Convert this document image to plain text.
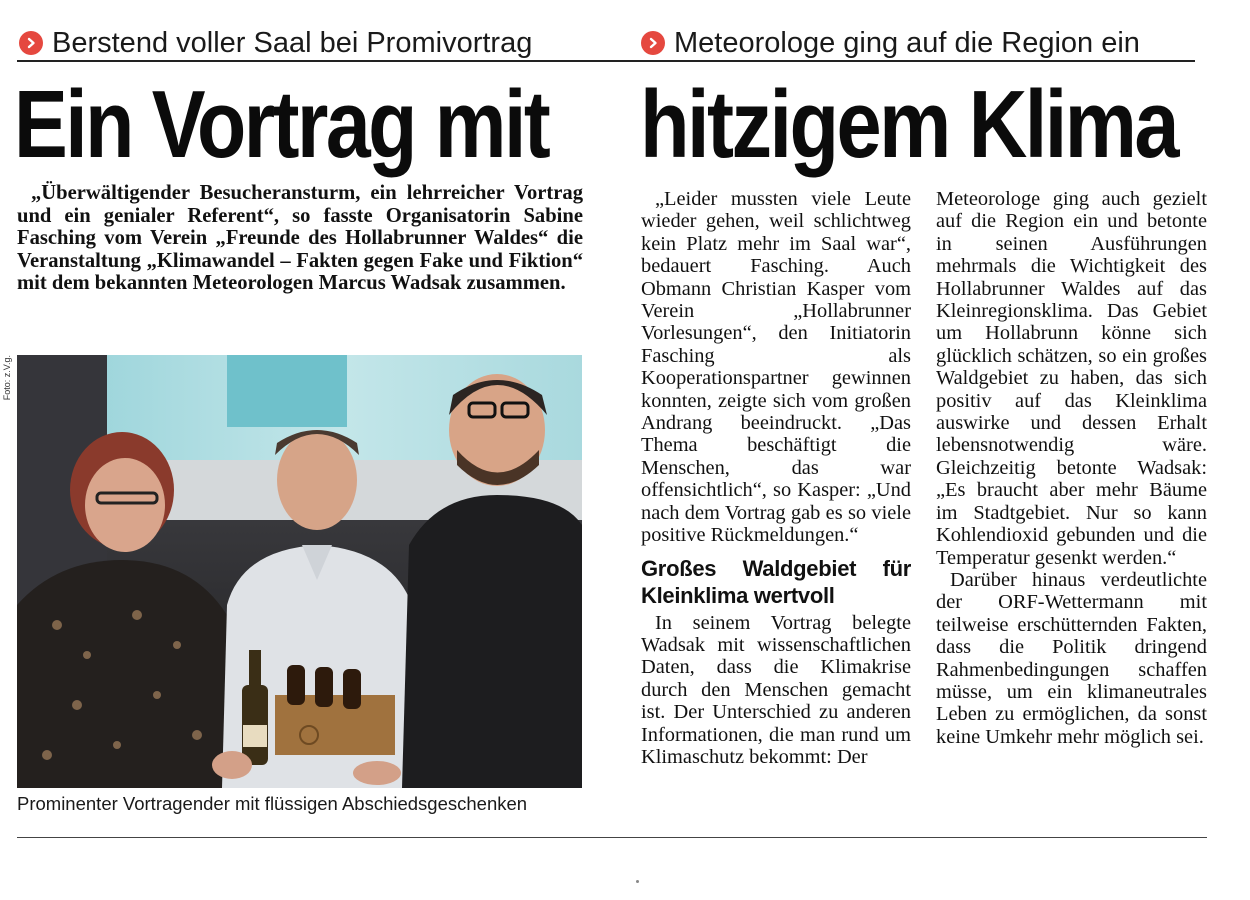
Berstend voller Saal bei Promivortrag
Ein Vortrag mit

„Überwältigender Besucheransturm, ein lehrreicher Vortrag und ein genialer Referent“, so fasste Organisatorin Sabine Fasching vom Verein „Freunde des Hollabrunner Waldes“ die Veranstaltung „Klimawandel – Fakten gegen Fake und Fiktion“ mit dem bekannten Meteorologen Marcus Wadsak zusammen.

Foto: z.V.g.
Prominenter Vortragender mit flüssigen Abschiedsgeschenken
Meteorologe ging auf die Region ein
hitzigem Klima

„Leider mussten viele Leute wieder gehen, weil schlichtweg kein Platz mehr im Saal war“, bedauert Fasching. Auch Obmann Christian Kasper vom Verein „Hollabrunner Vorlesungen“, den Initiatorin Fasching als Kooperationspartner gewinnen konnten, zeigte sich vom großen Andrang beeindruckt. „Das Thema beschäftigt die Menschen, das war offensichtlich“, so Kasper: „Und nach dem Vortrag gab es so viele positive Rückmeldungen.“

Großes Waldgebiet für Kleinklima wertvoll

In seinem Vortrag belegte Wadsak mit wissenschaftlichen Daten, dass die Klimakrise durch den Menschen gemacht ist. Der Unterschied zu anderen Informationen, die man rund um Klimaschutz bekommt: Der

Meteorologe ging auch gezielt auf die Region ein und betonte in seinen Ausführungen mehrmals die Wichtigkeit des Hollabrunner Waldes auf das Kleinregionsklima. Das Gebiet um Hollabrunn könne sich glücklich schätzen, so ein großes Waldgebiet zu haben, das sich positiv auf das Kleinklima auswirke und dessen Erhalt lebensnotwendig wäre. Gleichzeitig betonte Wadsak: „Es braucht aber mehr Bäume im Stadtgebiet. Nur so kann Kohlendioxid gebunden und die Temperatur gesenkt werden.“

Darüber hinaus verdeutlichte der ORF-Wettermann mit teilweise erschütternden Fakten, dass die Politik dringend Rahmenbedingungen schaffen müsse, um ein klimaneutrales Leben zu ermöglichen, da sonst keine Umkehr mehr möglich sei.
